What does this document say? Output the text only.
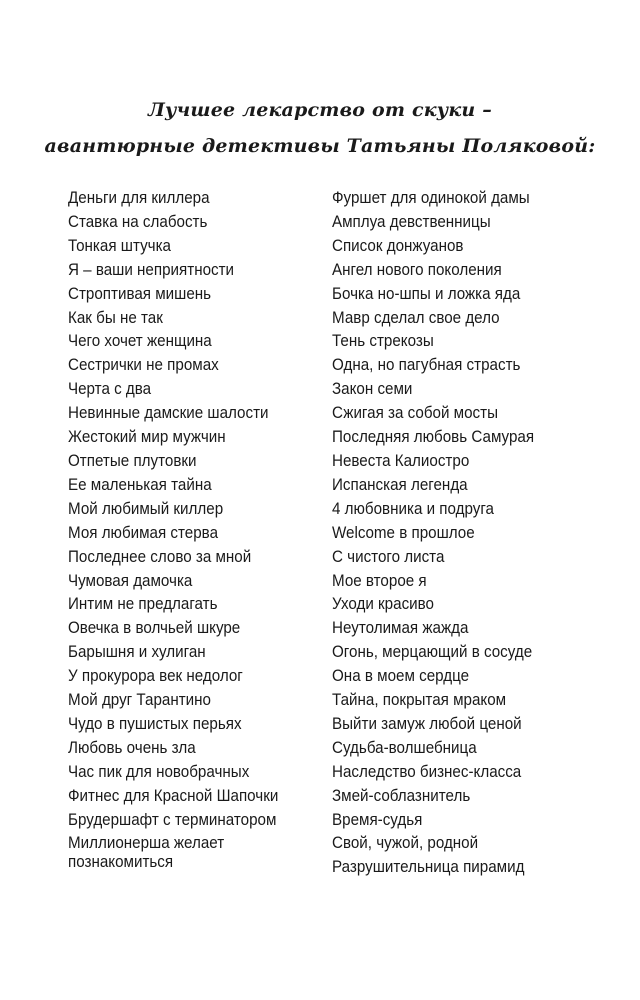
Лучшее лекарство от скуки –
авантюрные детективы Татьяны Поляковой:
Деньги для киллера
Ставка на слабость
Тонкая штучка
Я – ваши неприятности
Строптивая мишень
Как бы не так
Чего хочет женщина
Сестрички не промах
Черта с два
Невинные дамские шалости
Жестокий мир мужчин
Отпетые плутовки
Ее маленькая тайна
Мой любимый киллер
Моя любимая стерва
Последнее слово за мной
Чумовая дамочка
Интим не предлагать
Овечка в волчьей шкуре
Барышня и хулиган
У прокурора век недолог
Мой друг Тарантино
Чудо в пушистых перьях
Любовь очень зла
Час пик для новобрачных
Фитнес для Красной Шапочки
Брудершафт с терминатором
Миллионерша желает познакомиться
Фуршет для одинокой дамы
Амплуа девственницы
Список донжуанов
Ангел нового поколения
Бочка но-шпы и ложка яда
Мавр сделал свое дело
Тень стрекозы
Одна, но пагубная страсть
Закон семи
Сжигая за собой мосты
Последняя любовь Самурая
Невеста Калиостро
Испанская легенда
4 любовника и подруга
Welcome в прошлое
С чистого листа
Мое второе я
Уходи красиво
Неутолимая жажда
Огонь, мерцающий в сосуде
Она в моем сердце
Тайна, покрытая мраком
Выйти замуж любой ценой
Судьба-волшебница
Наследство бизнес-класса
Змей-соблазнитель
Время-судья
Свой, чужой, родной
Разрушительница пирамид
